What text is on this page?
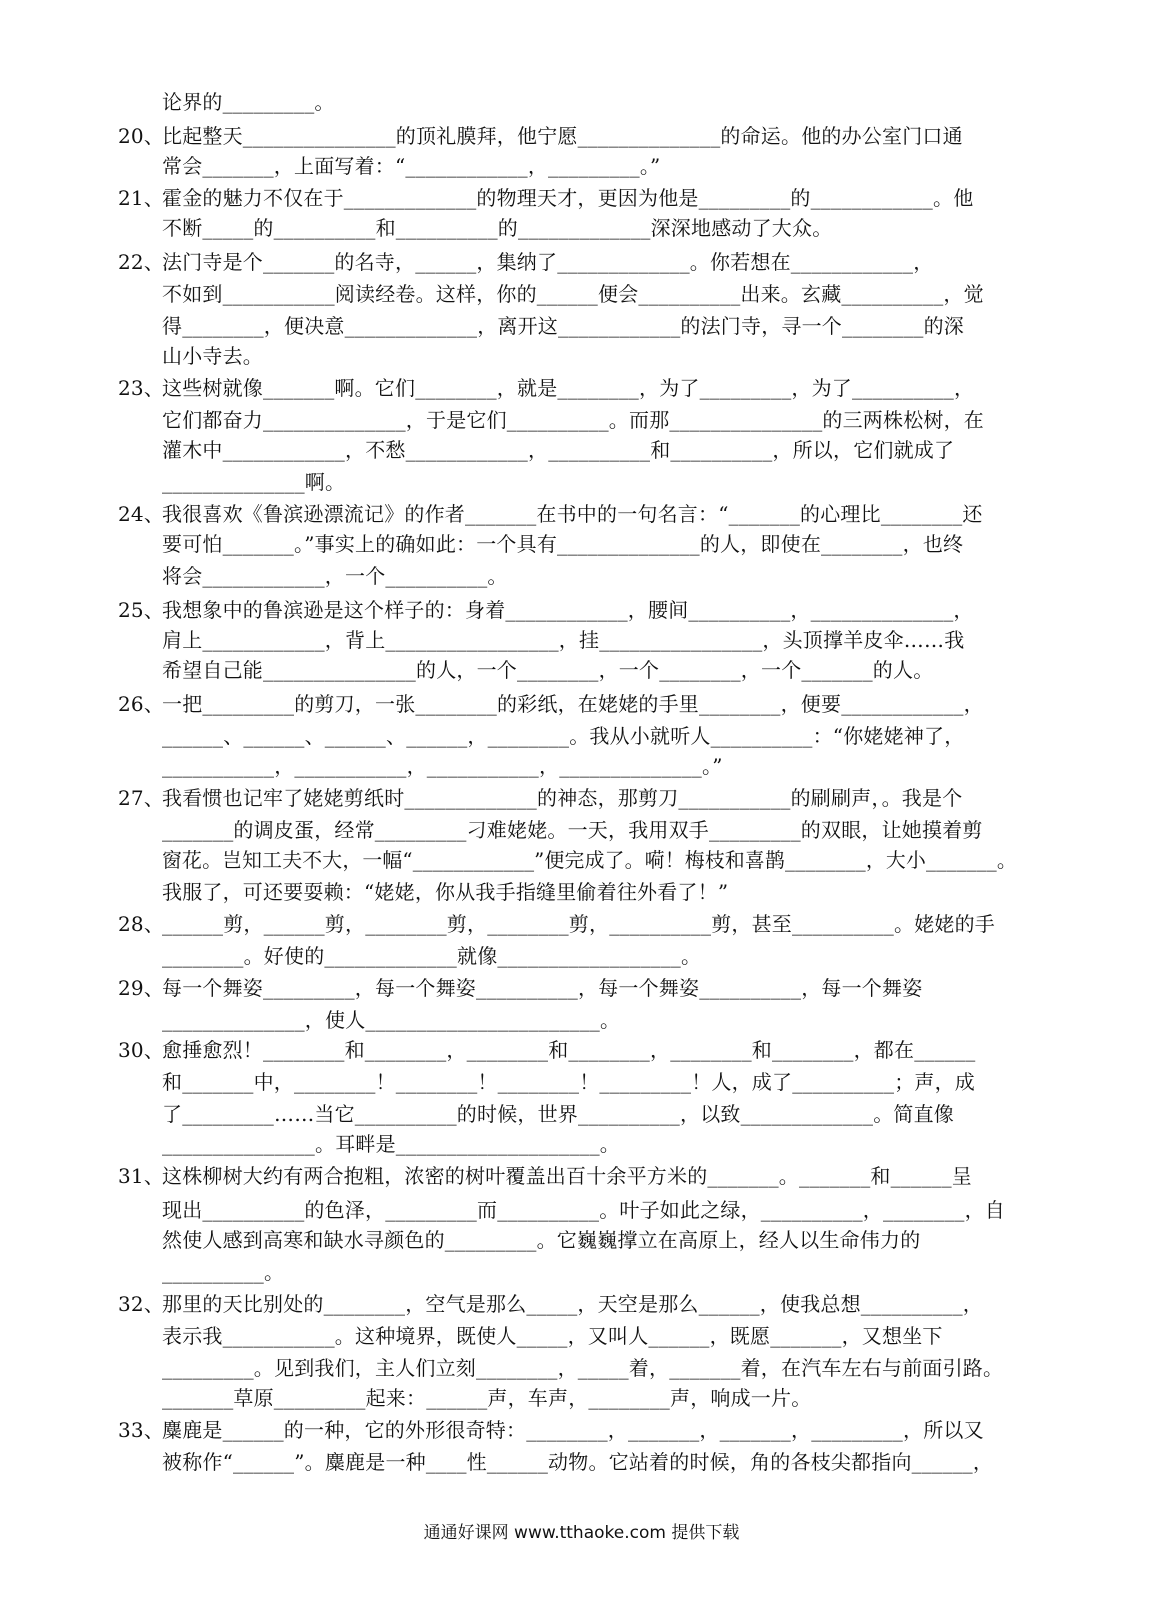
论界的_________。
20、
比起整天_______________的顶礼膜拜，他宁愿______________的命运。他的办公室门口通
常会_______，上面写着：“____________，_________。”
21、
霍金的魅力不仅在于_____________的物理天才，更因为他是_________的____________。他
不断_____的__________和__________的_____________深深地感动了大众。
22、
法门寺是个_______的名寺，______，集纳了_____________。你若想在____________，
不如到___________阅读经卷。这样，你的______便会__________出来。玄藏__________，觉
得________，便决意_____________，离开这____________的法门寺，寻一个________的深
山小寺去。
23、
这些树就像_______啊。它们________，就是________，为了_________，为了__________，
它们都奋力______________，于是它们__________。而那_______________的三两株松树，在
灌木中____________，不愁____________，__________和__________，所以，它们就成了
______________啊。
24、
我很喜欢《鲁滨逊漂流记》的作者_______在书中的一句名言：“_______的心理比________还
要可怕_______。”事实上的确如此：一个具有______________的人，即使在________，也终
将会____________，一个__________。
25、
我想象中的鲁滨逊是这个样子的：身着____________，腰间__________，______________，
肩上____________，背上_________________，挂________________，头顶撑羊皮伞……我
希望自己能_______________的人，一个________，一个________，一个_______的人。
26、
一把_________的剪刀，一张________的彩纸，在姥姥的手里________，便要____________，
______、______、______、______，________。我从小就听人__________：“你姥姥神了，
___________，___________，___________，______________。”
27、
我看惯也记牢了姥姥剪纸时_____________的神态，那剪刀___________的刷刷声，。我是个
_______的调皮蛋，经常_________刁难姥姥。一天，我用双手_________的双眼，让她摸着剪
窗花。岂知工夫不大，一幅“____________”便完成了。嗬！梅枝和喜鹊________，大小_______。
我服了，可还要耍赖：“姥姥，你从我手指缝里偷着往外看了！”
28、
______剪，______剪，________剪，________剪，__________剪，甚至__________。姥姥的手
________。好使的_____________就像__________________。
29、
每一个舞姿_________，每一个舞姿__________，每一个舞姿__________，每一个舞姿
______________，使人_______________________。
30、
愈捶愈烈！________和________，________和________，________和________，都在______
和_______中，________！________！________！_________！人，成了__________；声，成
了_________……当它__________的时候，世界__________，以致_____________。简直像
_______________。耳畔是____________________。
31、
这株柳树大约有两合抱粗，浓密的树叶覆盖出百十余平方米的_______。_______和______呈
现出__________的色泽，_________而__________。叶子如此之绿，__________，________，自
然使人感到高寒和缺水寻颜色的_________。它巍巍撑立在高原上，经人以生命伟力的
__________。
32、
那里的天比别处的________，空气是那么_____，天空是那么______，使我总想__________，
表示我___________。这种境界，既使人_____，又叫人______，既愿_______，又想坐下
_________。见到我们，主人们立刻________，_____着，_______着，在汽车左右与前面引路。
_______草原_________起来：______声，车声，________声，响成一片。
33、
麋鹿是______的一种，它的外形很奇特：________，_______，_______，_________，所以又
被称作“______”。麋鹿是一种____性______动物。它站着的时候，角的各枝尖都指向______，
通通好课网 www.tthaoke.com 提供下载
